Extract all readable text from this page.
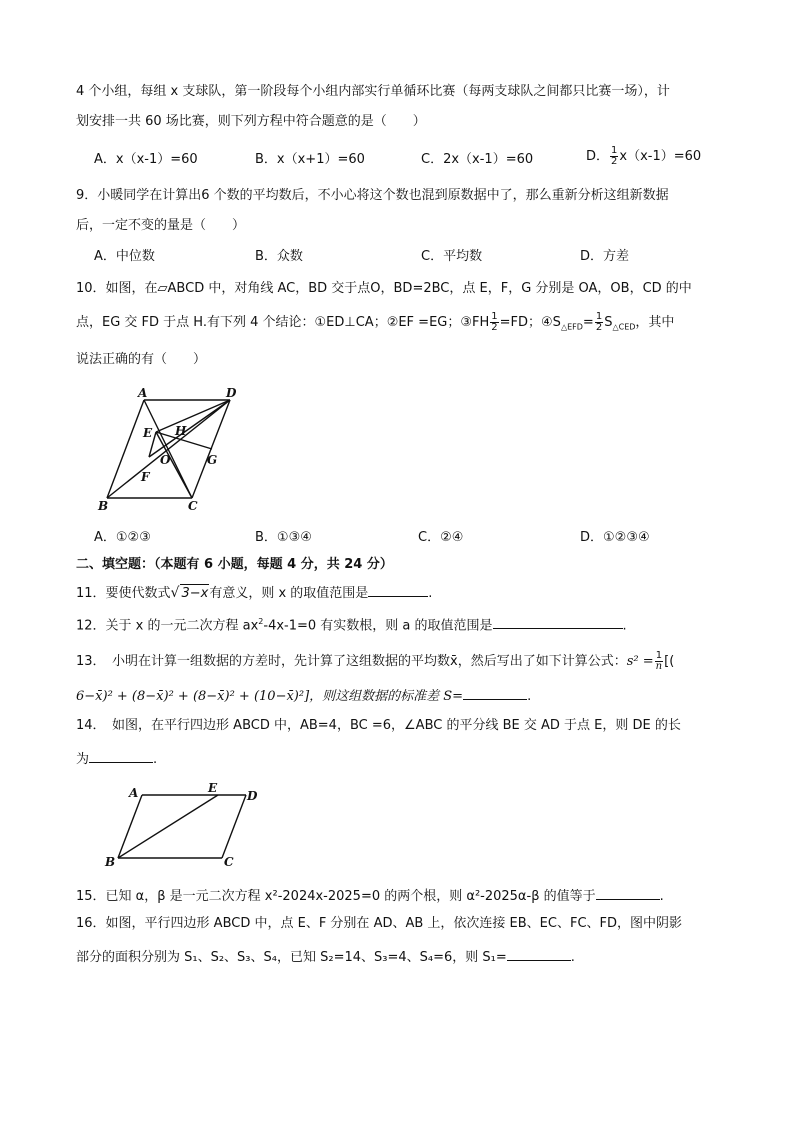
4 个小组，每组 x 支球队，第一阶段每个小组内部实行单循环比赛（每两支球队之间都只比赛一场），计
划安排一共 60 场比赛，则下列方程中符合题意的是（　　）
A．x（x-1）=60	B．x（x+1）=60	C．2x（x-1）=60	D． $\frac{1}{2} x(x-1)=60$
9．小暖同学在计算出6 个数的平均数后，不小心将这个数也混到原数据中了，那么重新分析这组新数据
后，一定不变的量是（　　）
A．中位数	B．众数	C．平均数	D．方差
10．如图，在▱ABCD 中，对角线 AC，BD 交于点O，BD=2BC，点 E，F，G 分别是 OA，OB，CD 的中
点，EG 交 FD 于点 H.有下列 4 个结论：①ED⊥CA；②EF =EG；③FH $\frac{1}{2} =FD$；$④S_{\triangle EFD}= \frac{1}{2} S_{\triangle CED}$，其中
说法正确的有（　　）
A	D
B	C
E
F
G
H
O
A．①②③	B．①③④	C．②④	D．①②③④
二、填空题：（本题有 6 小题，每题 4 分，共 24 分）
11．要使代数式√ 3−x有意义，则 x 的取值范围是	.
12．关于 x 的一元二次方程 $ax^2-4x-1=0$ 有实数根，则 a 的取值范围是	.
13．　小明在计算一组数据的方差时，先计算了这组数据的平均数x̄，然后写出了如下计算公式：$s^2 = \frac{1}{n}$ [(
6−x̄)² + (8−x̄)² + (8−x̄)² + (10−x̄)²]，则这组数据的标准差 S=	.
14．　如图，在平行四边形 ABCD 中，AB=4，BC =6，∠ABC 的平分线 BE 交 AD 于点 E，则 DE 的长
为	.
A	E
D
B	C
15．已知 α，β 是一元二次方程 x²-2024x-2025=0 的两个根，则 α²-2025α-β 的值等于	.
16．如图，平行四边形 ABCD 中，点 E、F 分别在 AD、AB 上，依次连接 EB、EC、FC、FD，图中阴影
部分的面积分别为 S₁、S₂、S₃、S₄，已知 S₂=14、S₃=4、S₄=6，则 S₁=	.
